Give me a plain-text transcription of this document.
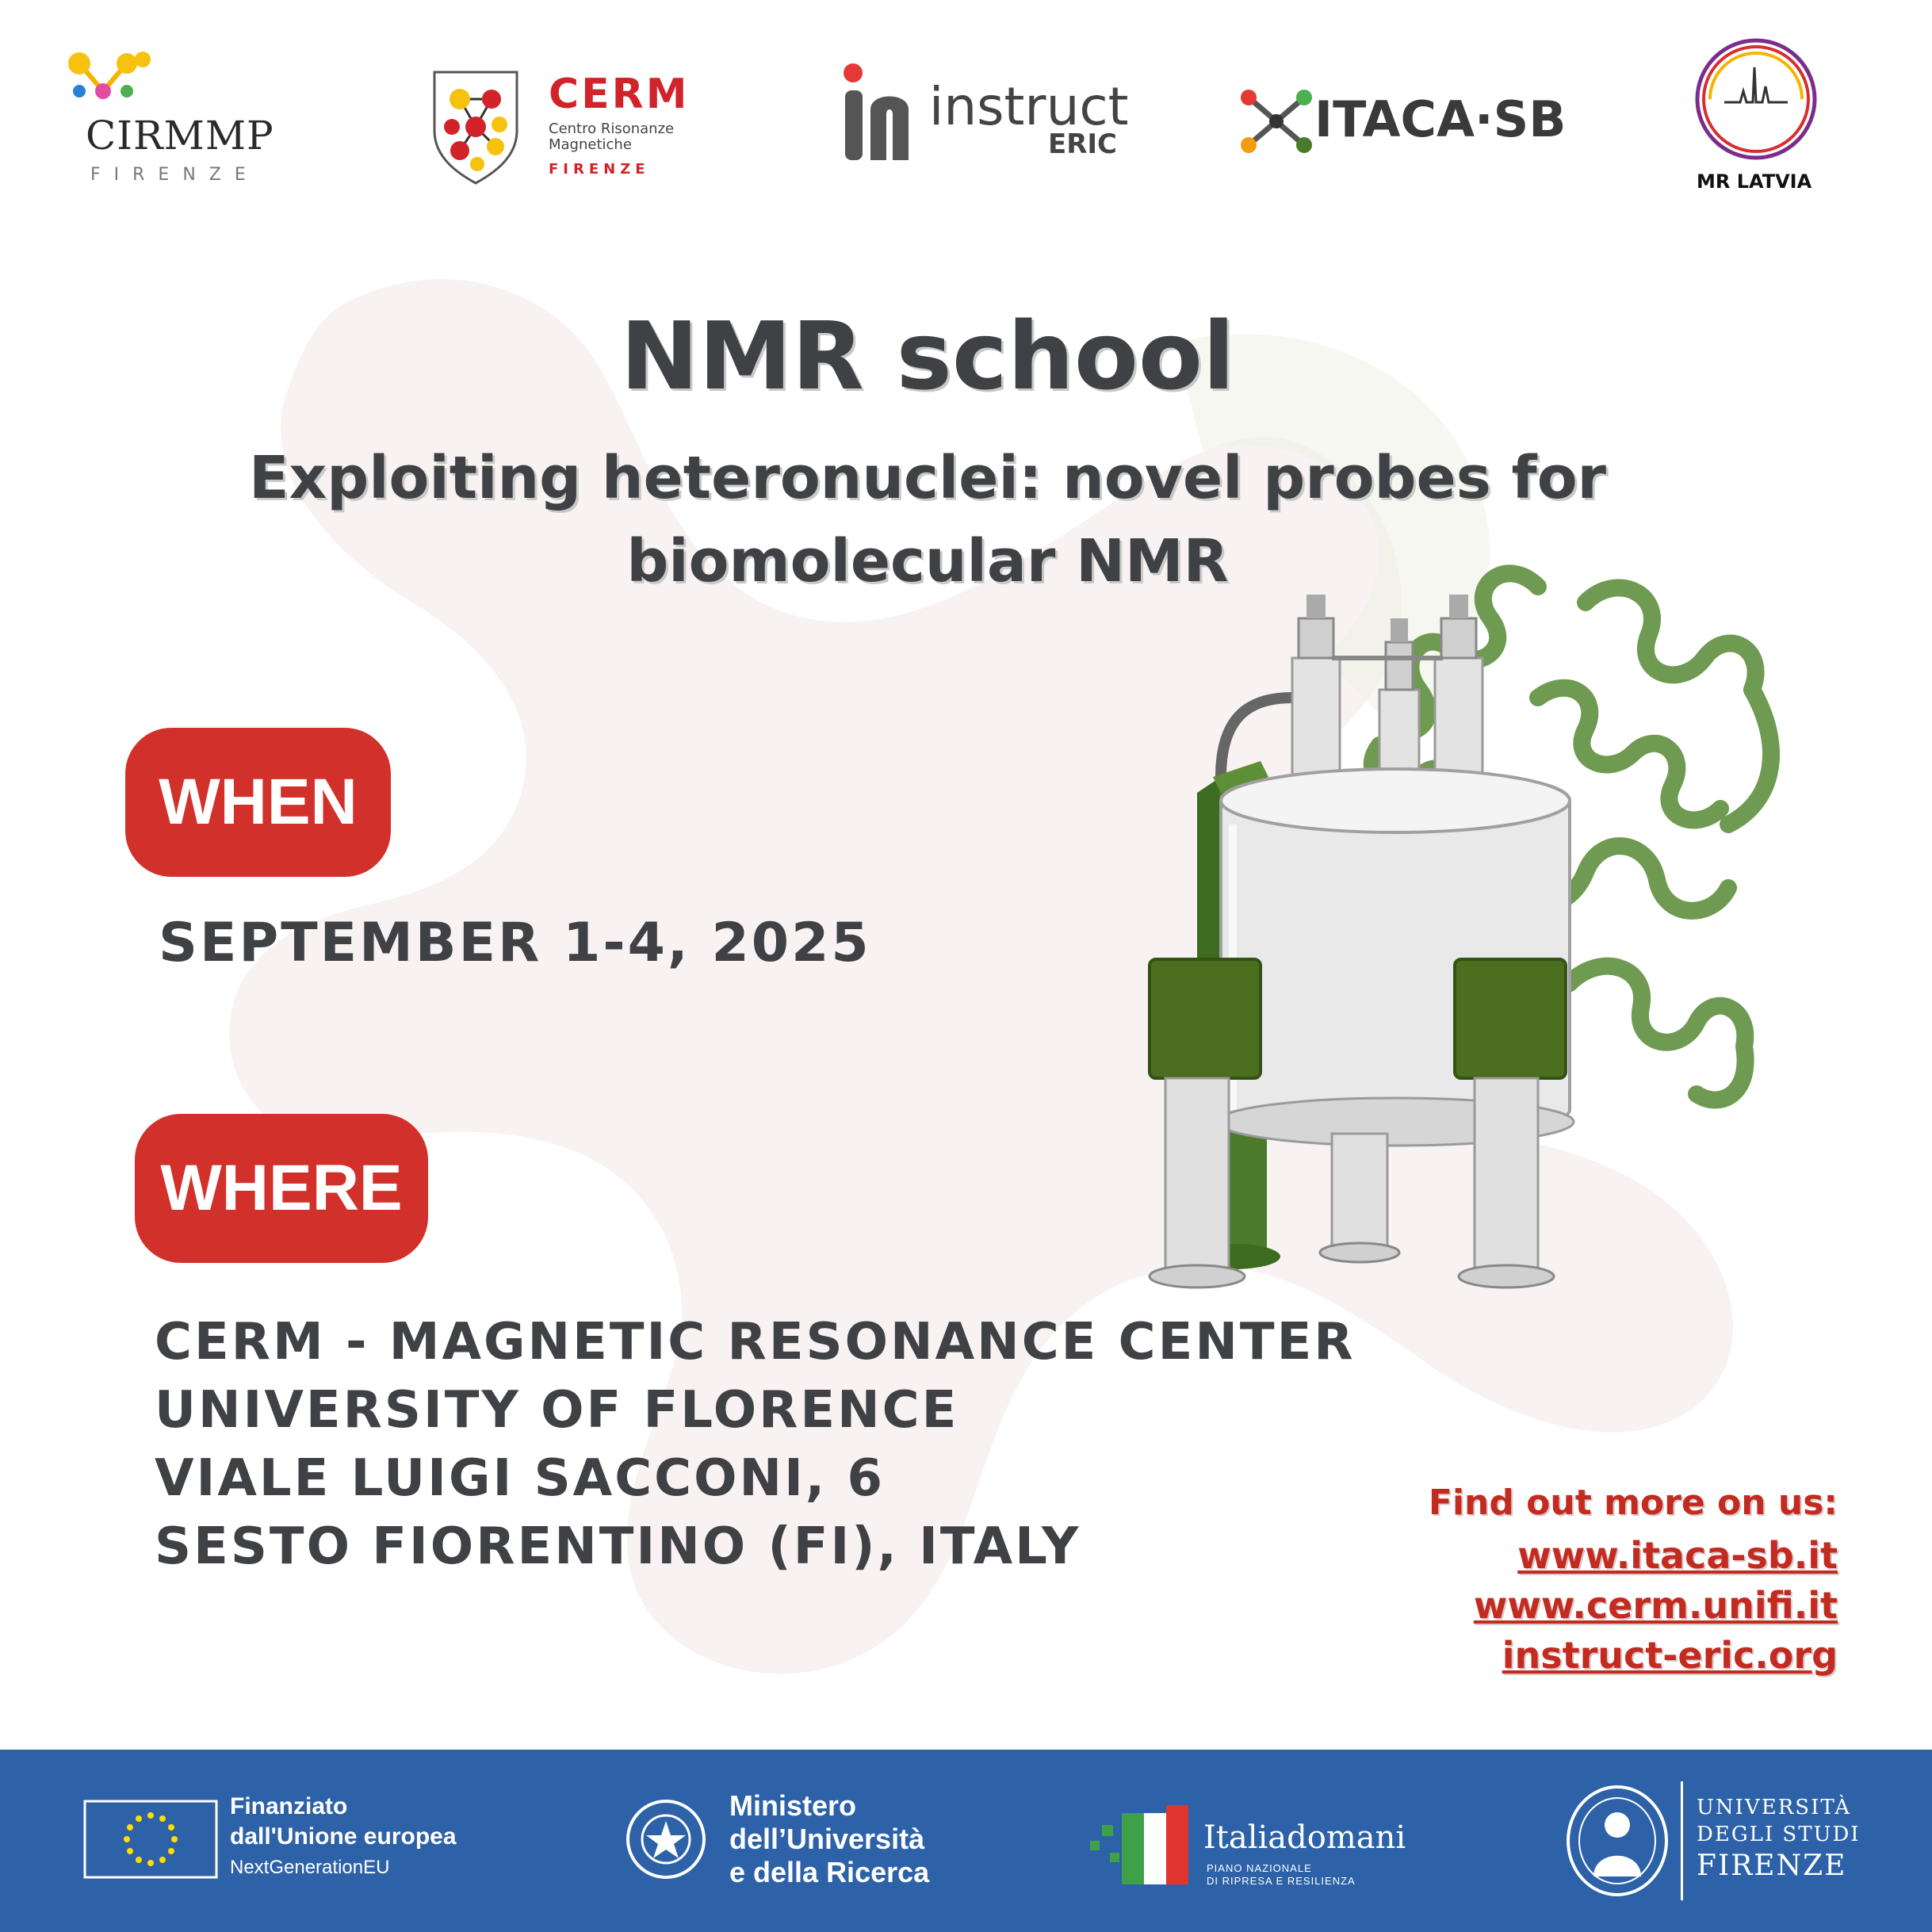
CIRMMP
FIRENZE
CERM
Centro Risonanze
Magnetiche
FIRENZE
instruct
ERIC	ITACA·SB
MR LATVIA
NMR school
Exploiting heteronuclei: novel probes for
biomolecular NMR
WHEN
SEPTEMBER 1-4, 2025
WHERE
CERM - MAGNETIC RESONANCE CENTER
UNIVERSITY OF FLORENCE
VIALE LUIGI SACCONI, 6
SESTO FIORENTINO (FI), ITALY
Find out more on us:
www.itaca-sb.it
www.cerm.unifi.it
instruct-eric.org
Finanziato
dall'Unione europea
NextGenerationEU
Ministero
dell’Università
e della Ricerca
Italiadomani
PIANO NAZIONALE
DI RIPRESA E RESILIENZA
UNIVERSITÀ
DEGLI STUDI
FIRENZE
